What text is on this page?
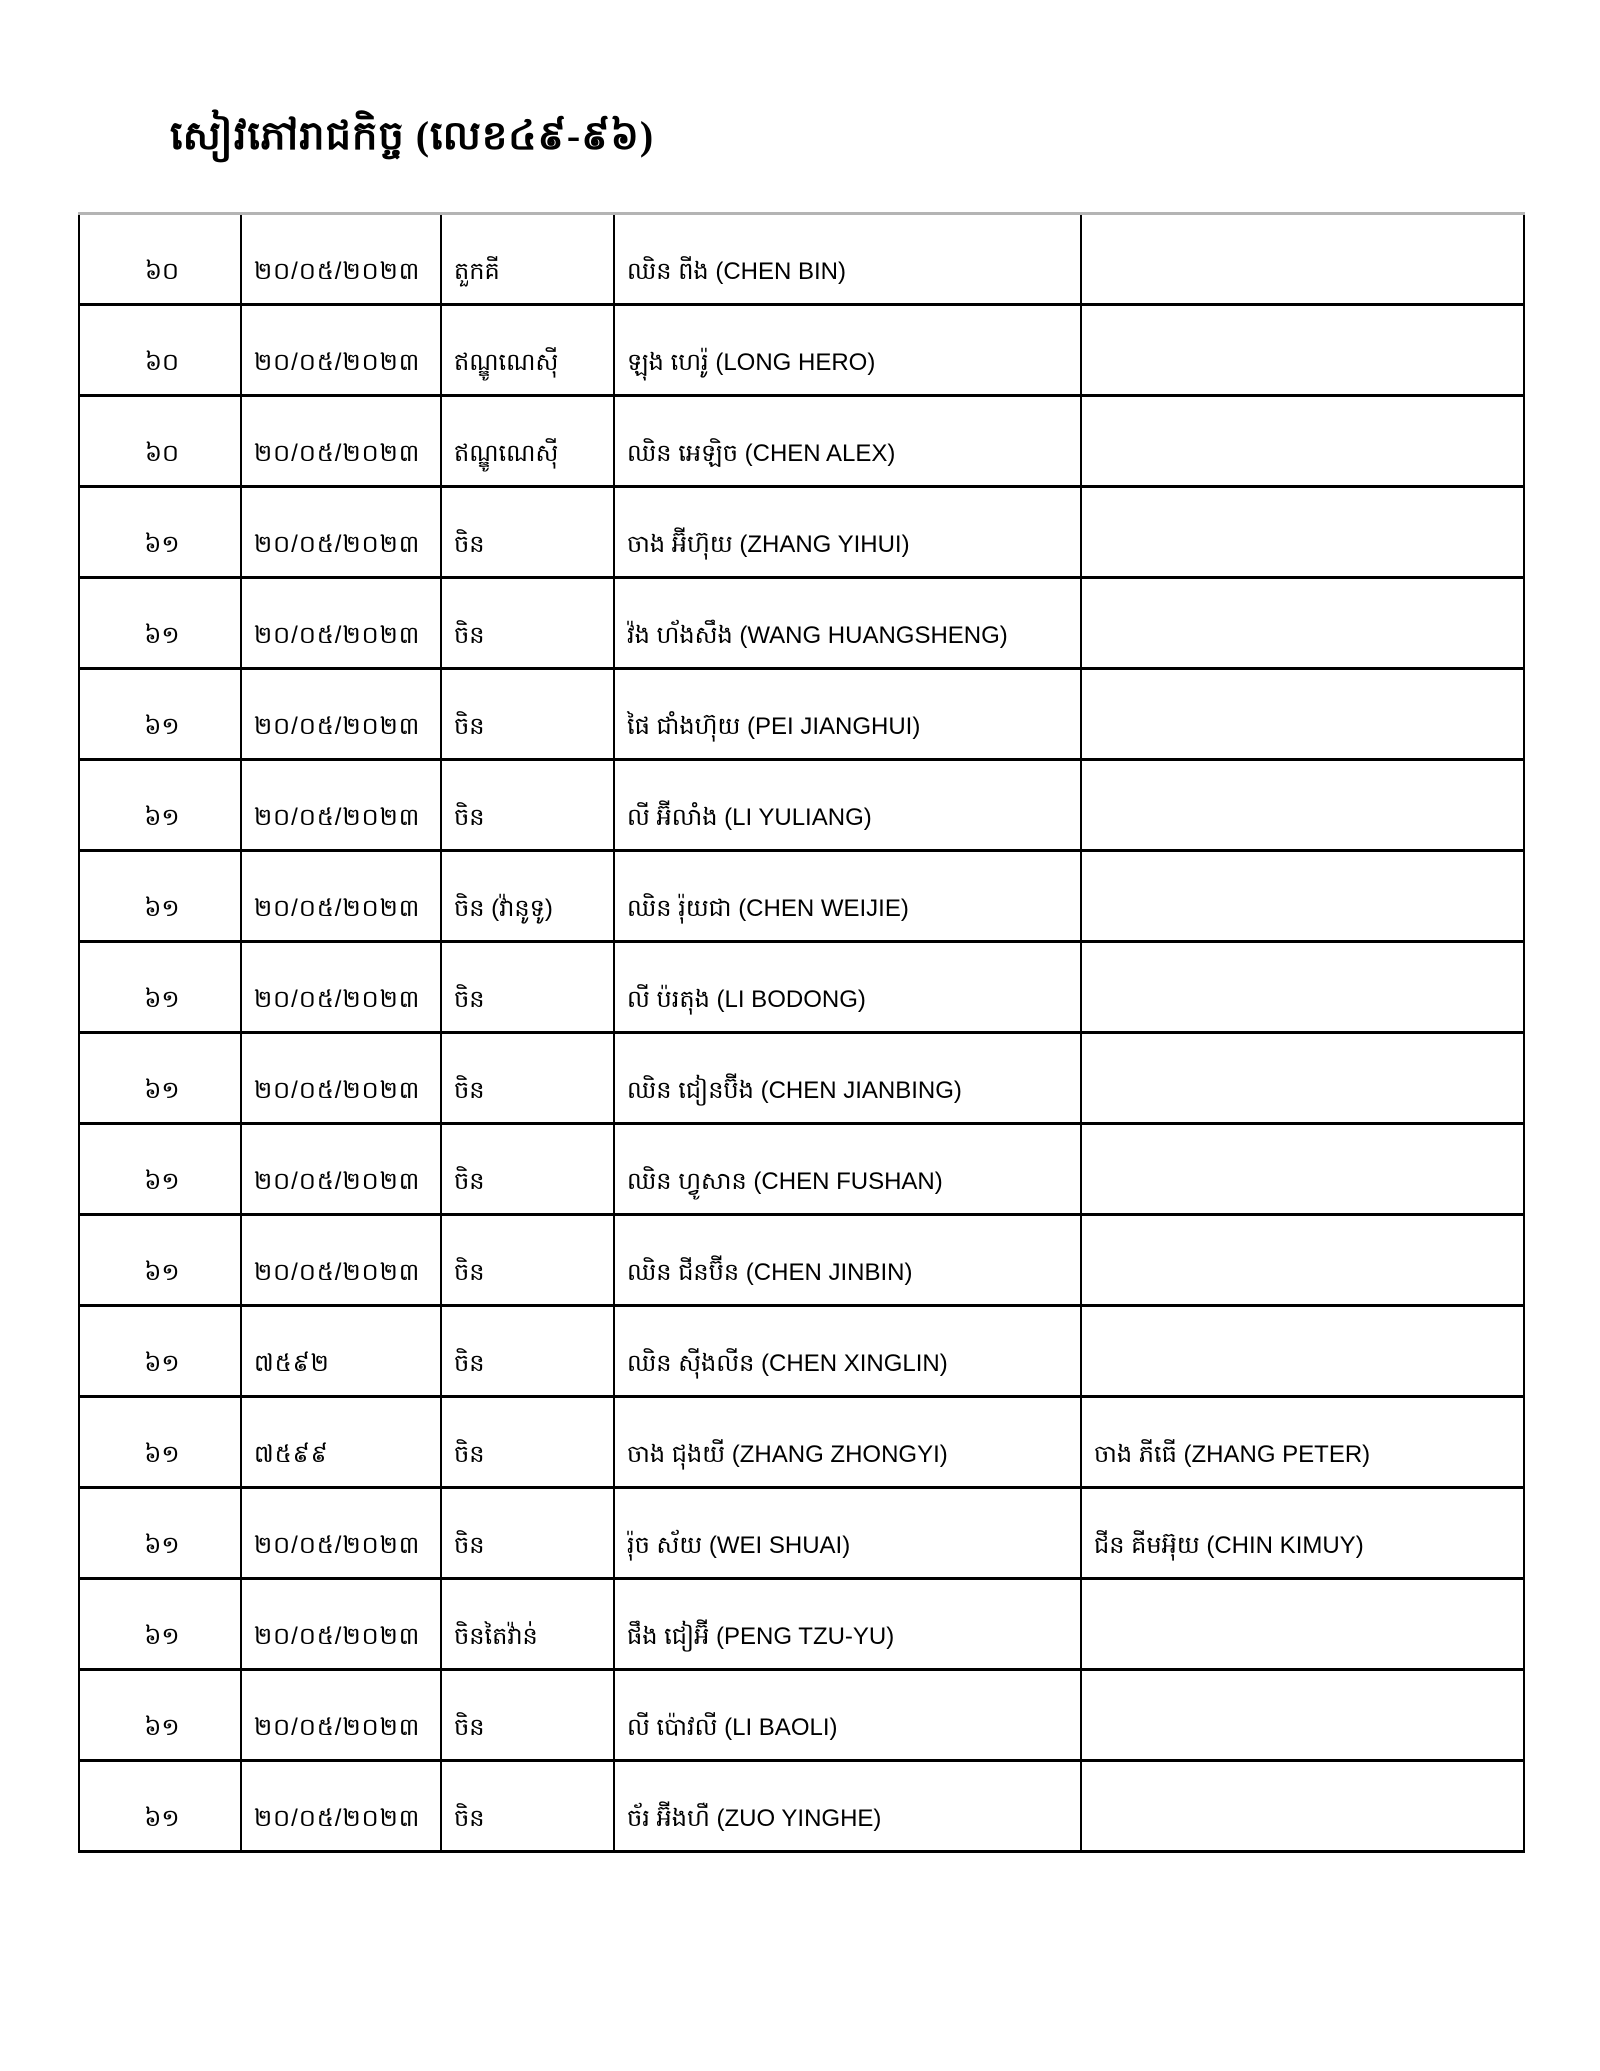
សៀវភៅរាជកិច្ច (លេខ៤៩-៩៦)
៦០	២០/០៥/២០២៣	តួកគី	ឈិន ពីង (CHEN BIN)	
៦០	២០/០៥/២០២៣	ឥណ្ឌូណេស៊ី	ឡុង ហេរ៉ូ (LONG HERO)	
៦០	២០/០៥/២០២៣	ឥណ្ឌូណេស៊ី	ឈិន អេឡិច (CHEN ALEX)	
៦១	២០/០៥/២០២៣	ចិន	ចាង អ៊ីហ៊ុយ (ZHANG YIHUI)	
៦១	២០/០៥/២០២៣	ចិន	វ៉ង ហ័ងសឹង (WANG HUANGSHENG)	
៦១	២០/០៥/២០២៣	ចិន	ផៃ ជាំងហ៊ុយ (PEI JIANGHUI)	
៦១	២០/០៥/២០២៣	ចិន	លី អ៊ីលាំង (LI YULIANG)	
៦១	២០/០៥/២០២៣	ចិន (វ៉ានូទូ)	ឈិន រ៉ុយជា (CHEN WEIJIE)	
៦១	២០/០៥/២០២៣	ចិន	លី ប៉រតុង (LI BODONG)	
៦១	២០/០៥/២០២៣	ចិន	ឈិន ជៀនប៊ីង (CHEN JIANBING)	
៦១	២០/០៥/២០២៣	ចិន	ឈិន ហ្វូសាន (CHEN FUSHAN)	
៦១	២០/០៥/២០២៣	ចិន	ឈិន ជីនប៊ីន (CHEN JINBIN)	
៦១	៧៥៩២	ចិន	ឈិន ស៊ីងលីន (CHEN XINGLIN)	
៦១	៧៥៩៩	ចិន	ចាង ជុងយី (ZHANG ZHONGYI)	ចាង ភីធើ (ZHANG PETER)
៦១	២០/០៥/២០២៣	ចិន	រ៉ុច ស័យ (WEI SHUAI)	ជីន គីមអ៊ុយ (CHIN KIMUY)
៦១	២០/០៥/២០២៣	ចិនតៃវ៉ាន់	ផឹង ជៀអ៊ី (PENG TZU-YU)	
៦១	២០/០៥/២០២៣	ចិន	លី ប៉ោវលី (LI BAOLI)	
៦១	២០/០៥/២០២៣	ចិន	ច័រ អ៊ីងហឺ (ZUO YINGHE)	
